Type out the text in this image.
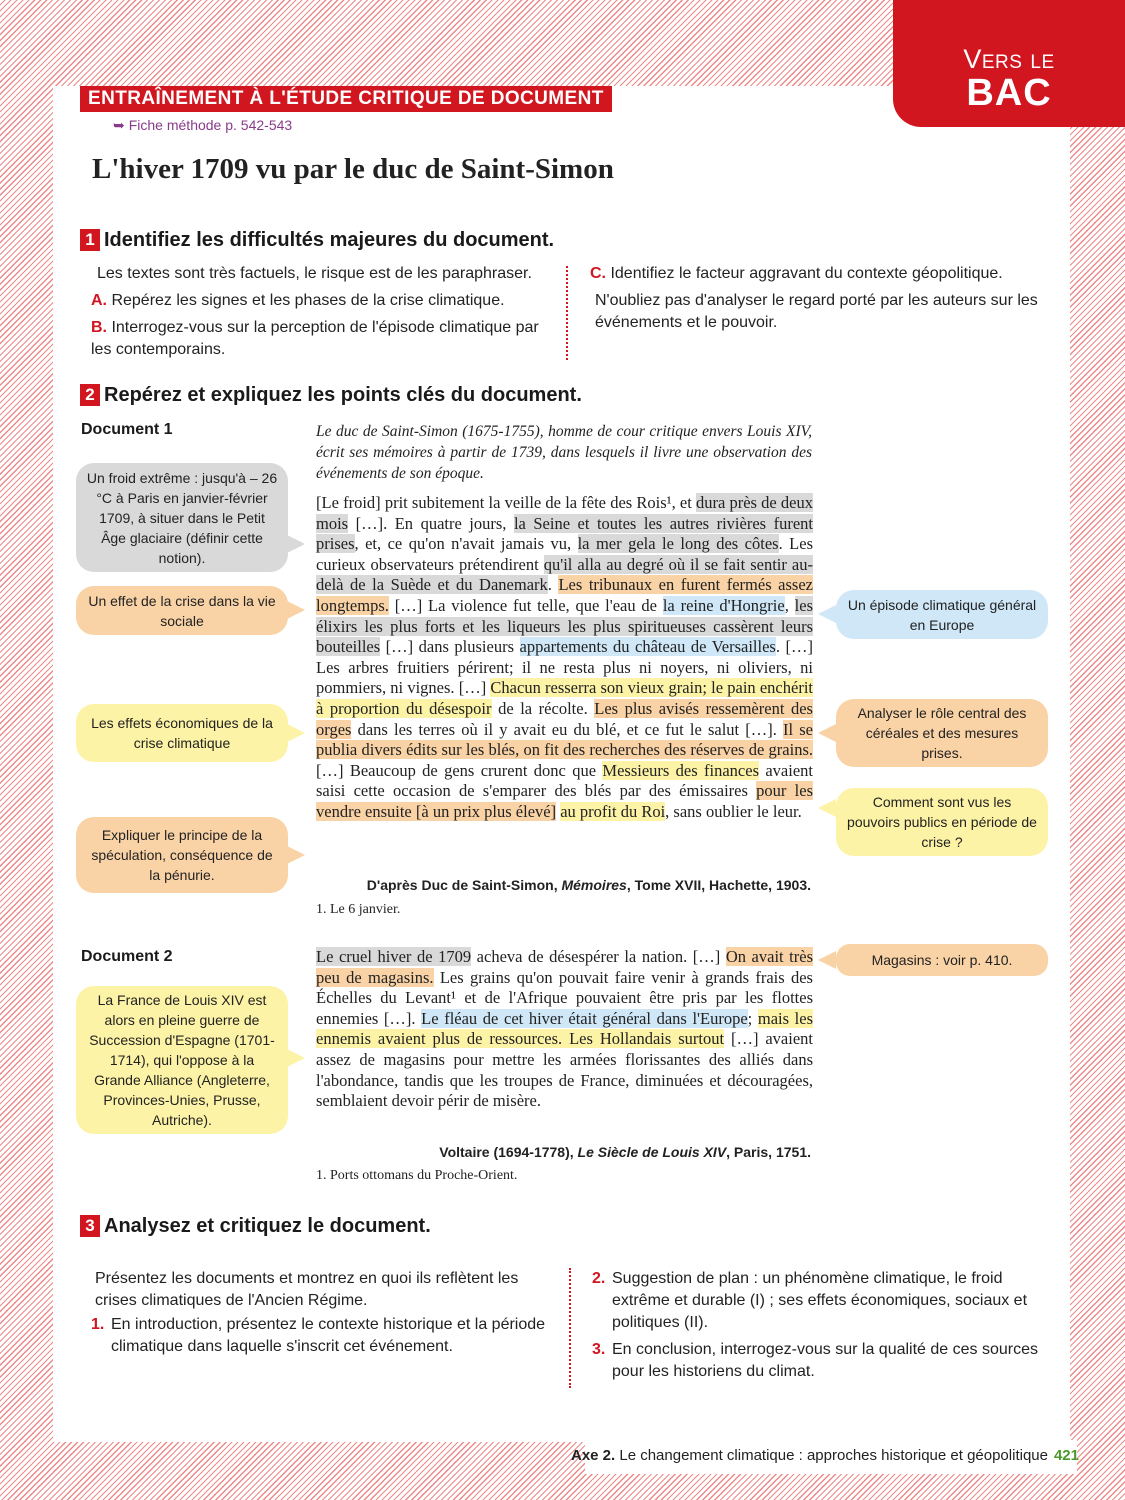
Vers le
BAC
ENTRAÎNEMENT À L'ÉTUDE CRITIQUE DE DOCUMENT
➥ Fiche méthode p. 542-543
L'hiver 1709 vu par le duc de Saint-Simon
1 Identifiez les difficultés majeures du document.

Les textes sont très factuels, le risque est de les paraphraser.

A. Repérez les signes et les phases de la crise climatique.

B. Interrogez-vous sur la perception de l'épisode climatique par les contemporains.

C. Identifiez le facteur aggravant du contexte géopolitique.

N'oubliez pas d'analyser le regard porté par les auteurs sur les événements et le pouvoir.

2 Repérez et expliquez les points clés du document.
Document 1	Le duc de Saint-Simon (1675-1755), homme de cour critique envers Louis XIV, écrit ses mémoires à partir de 1739, dans lesquels il livre une observation des événements de son époque.
[Le froid] prit subitement la veille de la fête des Rois¹, et dura près de deux mois […]. En quatre jours, la Seine et toutes les autres rivières furent prises, et, ce qu'on n'avait jamais vu, la mer gela le long des côtes. Les curieux observateurs prétendirent qu'il alla au degré où il se fait sentir au-delà de la Suède et du Danemark. Les tribunaux en furent fermés assez longtemps. […] La violence fut telle, que l'eau de la reine d'Hongrie, les élixirs les plus forts et les liqueurs les plus spiritueuses cassèrent leurs bouteilles […] dans plusieurs appartements du château de Versailles. […] Les arbres fruitiers périrent; il ne resta plus ni noyers, ni oliviers, ni pommiers, ni vignes. […] Chacun resserra son vieux grain; le pain enchérit à proportion du désespoir de la récolte. Les plus avisés ressemèrent des orges dans les terres où il y avait eu du blé, et ce fut le salut […]. Il se publia divers édits sur les blés, on fit des recherches des réserves de grains. […] Beaucoup de gens crurent donc que Messieurs des finances avaient saisi cette occasion de s'emparer des blés par des émissaires pour les vendre ensuite [à un prix plus élevé] au profit du Roi, sans oublier le leur.
D'après Duc de Saint-Simon, Mémoires, Tome XVII, Hachette, 1903.
1. Le 6 janvier.
Document 2	Le cruel hiver de 1709 acheva de désespérer la nation. […] On avait très peu de magasins. Les grains qu'on pouvait faire venir à grands frais des Échelles du Levant¹ et de l'Afrique pouvaient être pris par les flottes ennemies […]. Le fléau de cet hiver était général dans l'Europe; mais les ennemis avaient plus de ressources. Les Hollandais surtout […] avaient assez de magasins pour mettre les armées florissantes des alliés dans l'abondance, tandis que les troupes de France, diminuées et découragées, semblaient devoir périr de misère.
Voltaire (1694-1778), Le Siècle de Louis XIV, Paris, 1751.
1. Ports ottomans du Proche-Orient.
Un froid extrême : jusqu'à – 26 °C à Paris en janvier-février 1709, à situer dans le Petit Âge glaciaire (définir cette notion).
Un effet de la crise dans la vie sociale
Les effets économiques de la crise climatique
Expliquer le principe de la spéculation, conséquence de la pénurie.
La France de Louis XIV est alors en pleine guerre de Succession d'Espagne (1701-1714), qui l'oppose à la Grande Alliance (Angleterre, Provinces-Unies, Prusse, Autriche).
Un épisode climatique général en Europe
Analyser le rôle central des céréales et des mesures prises.
Comment sont vus les pouvoirs publics en période de crise ?
Magasins : voir p. 410.
3 Analysez et critiquez le document.

Présentez les documents et montrez en quoi ils reflètent les crises climatiques de l'Ancien Régime.

1. En introduction, présentez le contexte historique et la période climatique dans laquelle s'inscrit cet événement.
2. Suggestion de plan : un phénomène climatique, le froid extrême et durable (I) ; ses effets économiques, sociaux et politiques (II).
3. En conclusion, interrogez-vous sur la qualité de ces sources pour les historiens du climat.
Axe 2. Le changement climatique : approches historique et géopolitique 421
